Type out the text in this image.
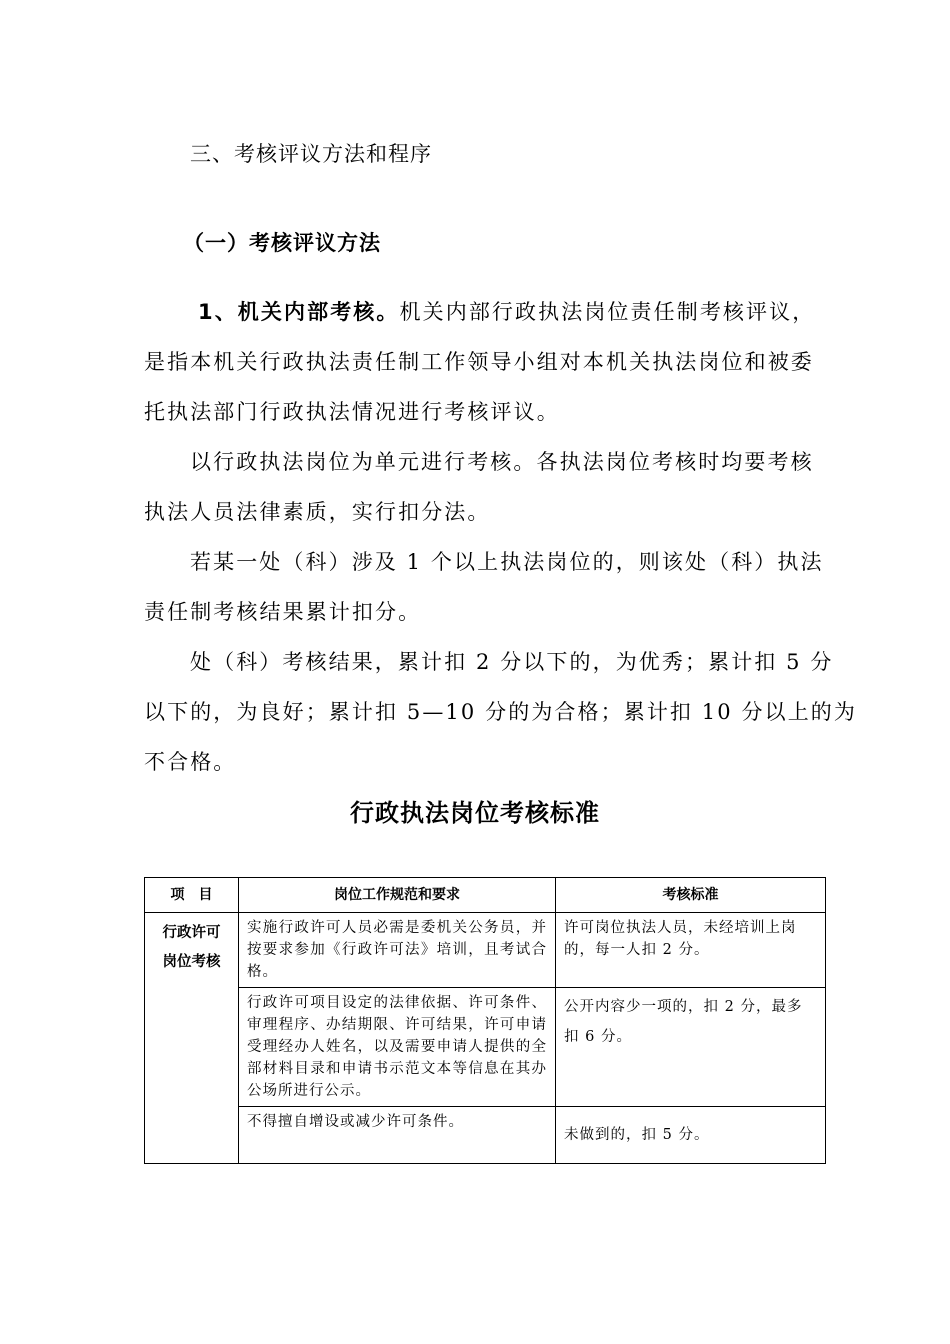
三、考核评议方法和程序
（一）考核评议方法
1、机关内部考核。机关内部行政执法岗位责任制考核评议，
是指本机关行政执法责任制工作领导小组对本机关执法岗位和被委
托执法部门行政执法情况进行考核评议。
以行政执法岗位为单元进行考核。各执法岗位考核时均要考核
执法人员法律素质，实行扣分法。
若某一处（科）涉及 1 个以上执法岗位的，则该处（科）执法
责任制考核结果累计扣分。
处（科）考核结果，累计扣 2 分以下的，为优秀；累计扣 5 分
以下的，为良好；累计扣 5—10 分的为合格；累计扣 10 分以上的为
不合格。
行政执法岗位考核标准
项　目	岗位工作规范和要求	考核标准

行政许可
岗位考核	实施行政许可人员必需是委机关公务员，并按要求参加《行政许可法》培训，且考试合格。	许可岗位执法人员，未经培训上岗的，每一人扣 2 分。
	行政许可项目设定的法律依据、许可条件、审理程序、办结期限、许可结果，许可申请受理经办人姓名，以及需要申请人提供的全部材料目录和申请书示范文本等信息在其办公场所进行公示。	公开内容少一项的，扣 2 分，最多扣 6 分。
	不得擅自增设或减少许可条件。	未做到的，扣 5 分。
